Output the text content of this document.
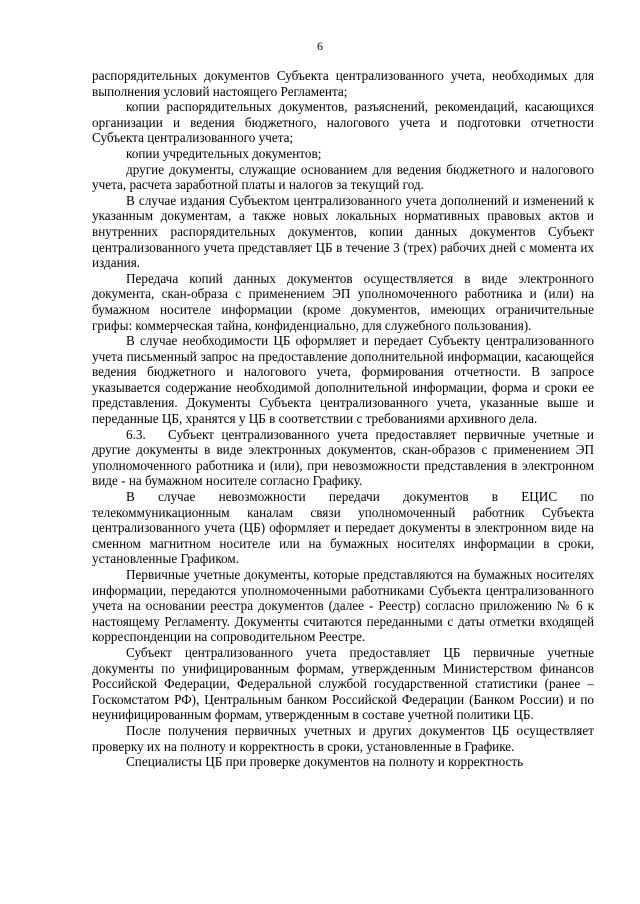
6

распорядительных документов Субъекта централизованного учета, необходимых для выполнения условий настоящего Регламента;

копии распорядительных документов, разъяснений, рекомендаций, касающихся организации и ведения бюджетного, налогового учета и подготовки отчетности Субъекта централизованного учета;

копии учредительных документов;

другие документы, служащие основанием для ведения бюджетного и налогового учета, расчета заработной платы и налогов за текущий год.

В случае издания Субъектом централизованного учета дополнений и изменений к указанным документам, а также новых локальных нормативных правовых актов и внутренних распорядительных документов, копии данных документов Субъект централизованного учета представляет ЦБ в течение 3 (трех) рабочих дней с момента их издания.

Передача копий данных документов осуществляется в виде электронного документа, скан-образа с применением ЭП уполномоченного работника и (или) на бумажном носителе информации (кроме документов, имеющих ограничительные грифы: коммерческая тайна, конфиденциально, для служебного пользования).

В случае необходимости ЦБ оформляет и передает Субъекту централизованного учета письменный запрос на предоставление дополнительной информации, касающейся ведения бюджетного и налогового учета, формирования отчетности. В запросе указывается содержание необходимой дополнительной информации, форма и сроки ее представления. Документы Субъекта централизованного учета, указанные выше и переданные ЦБ, хранятся у ЦБ в соответствии с требованиями архивного дела.

6.3. Субъект централизованного учета предоставляет первичные учетные и другие документы в виде электронных документов, скан-образов с применением ЭП уполномоченного работника и (или), при невозможности представления в электронном виде - на бумажном носителе согласно Графику.

В случае невозможности передачи документов в ЕЦИС по телекоммуникационным каналам связи уполномоченный работник Субъекта централизованного учета (ЦБ) оформляет и передает документы в электронном виде на сменном магнитном носителе или на бумажных носителях информации в сроки, установленные Графиком.

Первичные учетные документы, которые представляются на бумажных носителях информации, передаются уполномоченными работниками Субъекта централизованного учета на основании реестра документов (далее - Реестр) согласно приложению № 6 к настоящему Регламенту. Документы считаются переданными с даты отметки входящей корреспонденции на сопроводительном Реестре.

Субъект централизованного учета предоставляет ЦБ первичные учетные документы по унифицированным формам, утвержденным Министерством финансов Российской Федерации, Федеральной службой государственной статистики (ранее – Госкомстатом РФ), Центральным банком Российской Федерации (Банком России) и по неунифицированным формам, утвержденным в составе учетной политики ЦБ.

После получения первичных учетных и других документов ЦБ осуществляет проверку их на полноту и корректность в сроки, установленные в Графике.

Специалисты ЦБ при проверке документов на полноту и корректность
